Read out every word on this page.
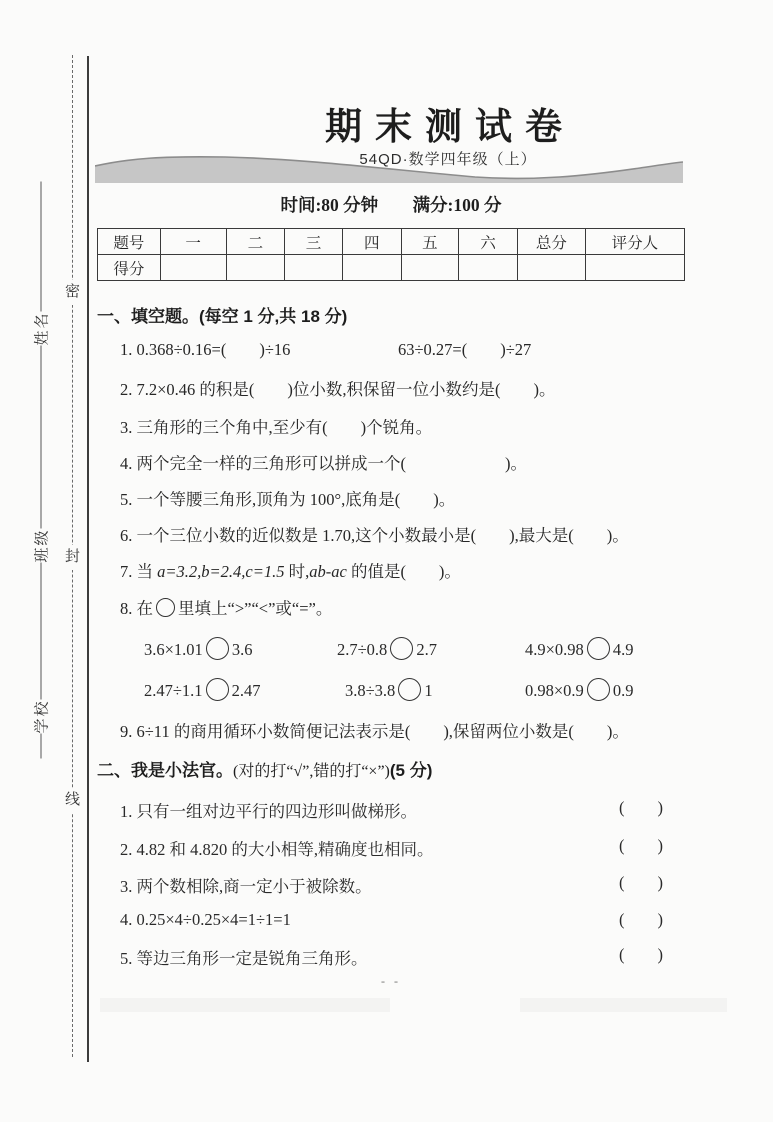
密
封
线
学校
班级
姓名
期末测试卷
54QD·数学四年级（上）
时间:80 分钟 满分:100 分
题号	一	二	三	四	五	六	总分	评分人
得分								
一、填空题。(每空 1 分,共 18 分)
1. 0.368÷0.16=(        )÷16	63÷0.27=(        )÷27
2. 7.2×0.46 的积是(        )位小数,积保留一位小数约是(        )。
3. 三角形的三个角中,至少有(        )个锐角。
4. 两个完全一样的三角形可以拼成一个(                        )。
5. 一个等腰三角形,顶角为 100°,底角是(        )。
6. 一个三位小数的近似数是 1.70,这个小数最小是(        ),最大是(        )。
7. 当 a=3.2,b=2.4,c=1.5 时,ab-ac 的值是(        )。
8. 在 里填上“>”“<”或“=”。
3.6×1.01 3.6	2.7÷0.8 2.7	4.9×0.98 4.9
2.47÷1.1 2.47	3.8÷3.8 1	0.98×0.9 0.9
9. 6÷11 的商用循环小数简便记法表示是(        ),保留两位小数是(        )。
二、我是小法官。(对的打“√”,错的打“×”)(5 分)
1. 只有一组对边平行的四边形叫做梯形。	(        )
2. 4.82 和 4.820 的大小相等,精确度也相同。	(        )
3. 两个数相除,商一定小于被除数。	(        )
4. 0.25×4÷0.25×4=1÷1=1	(        )
5. 等边三角形一定是锐角三角形。	(        )
- -
